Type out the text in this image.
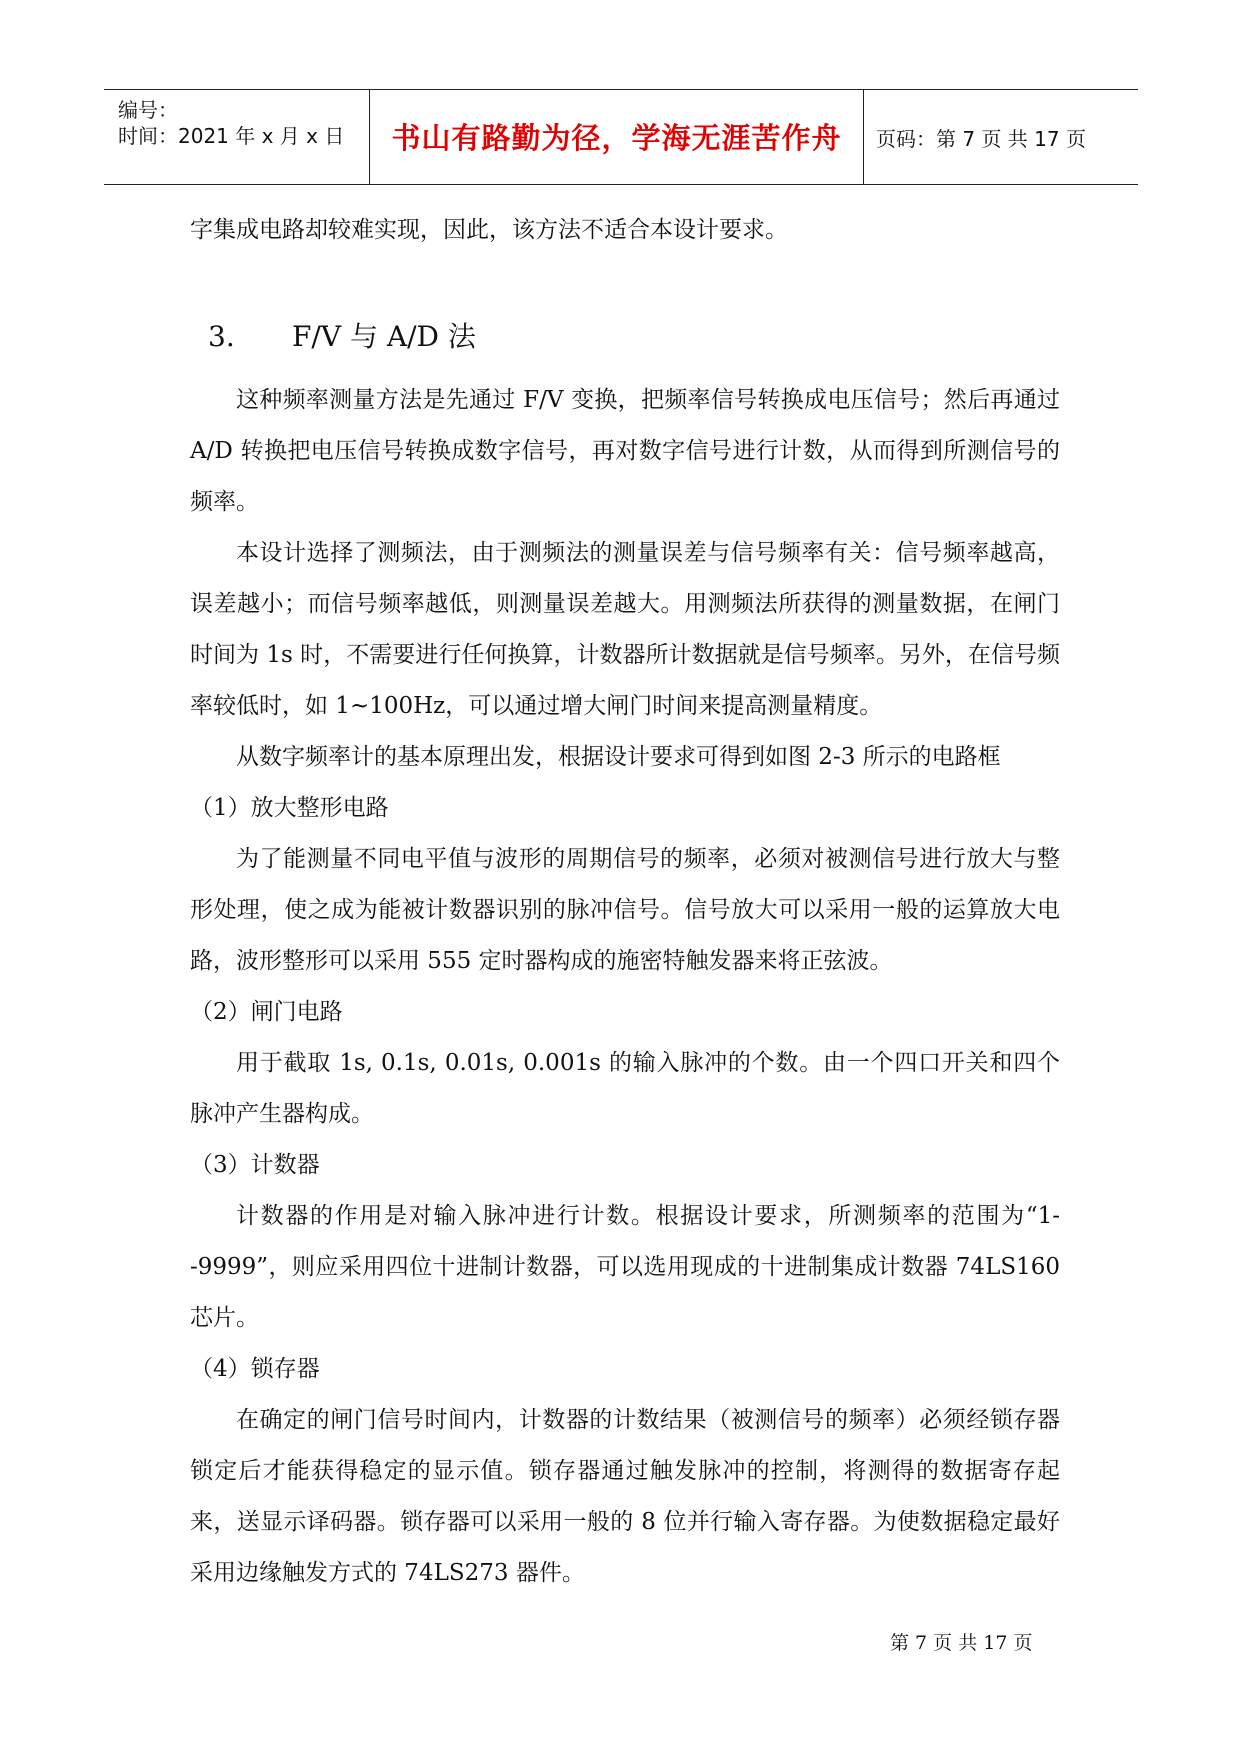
编号：
时间：2021 年 x 月 x 日	书山有路勤为径，学海无涯苦作舟	页码：第 7 页 共 17 页

字集成电路却较难实现，因此，该方法不适合本设计要求。

3. F/V 与 A/D 法

这种频率测量方法是先通过 F/V 变换，把频率信号转换成电压信号；然后再通过 A/D 转换把电压信号转换成数字信号，再对数字信号进行计数，从而得到所测信号的频率。

本设计选择了测频法，由于测频法的测量误差与信号频率有关：信号频率越高，误差越小；而信号频率越低，则测量误差越大。用测频法所获得的测量数据，在闸门时间为 1s 时，不需要进行任何换算，计数器所计数据就是信号频率。另外，在信号频率较低时，如 1~100Hz，可以通过增大闸门时间来提高测量精度。

从数字频率计的基本原理出发，根据设计要求可得到如图 2-3 所示的电路框

（1）放大整形电路

为了能测量不同电平值与波形的周期信号的频率，必须对被测信号进行放大与整形处理，使之成为能被计数器识别的脉冲信号。信号放大可以采用一般的运算放大电路，波形整形可以采用 555 定时器构成的施密特触发器来将正弦波。

（2）闸门电路

用于截取 1s, 0.1s, 0.01s, 0.001s 的输入脉冲的个数。由一个四口开关和四个脉冲产生器构成。

（3）计数器

计数器的作用是对输入脉冲进行计数。根据设计要求，所测频率的范围为“1--9999”，则应采用四位十进制计数器，可以选用现成的十进制集成计数器 74LS160 芯片。

（4）锁存器

在确定的闸门信号时间内，计数器的计数结果（被测信号的频率）必须经锁存器锁定后才能获得稳定的显示值。锁存器通过触发脉冲的控制，将测得的数据寄存起来，送显示译码器。锁存器可以采用一般的 8 位并行输入寄存器。为使数据稳定最好采用边缘触发方式的 74LS273 器件。

第 7 页 共 17 页
